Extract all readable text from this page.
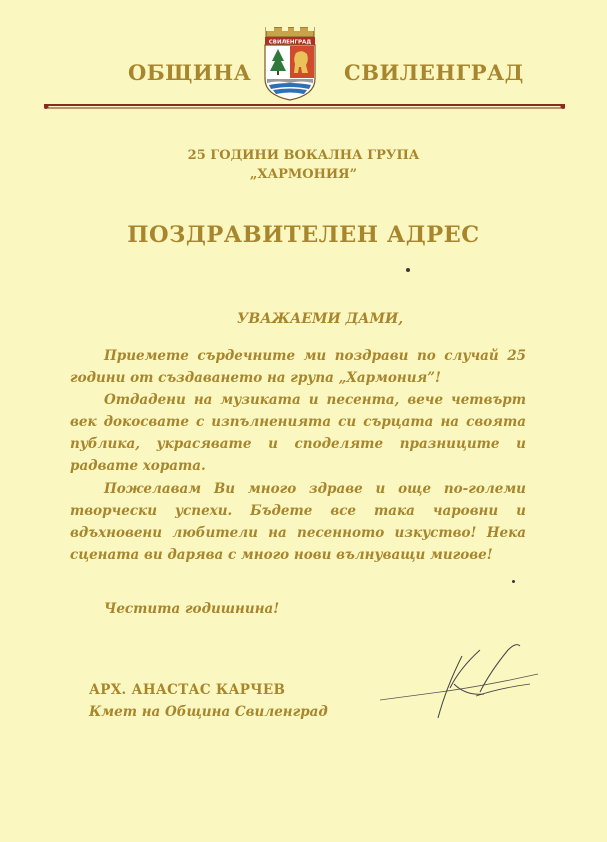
ОБЩИНА
СВИЛЕНГРАД
СВИЛЕНГРАД
25 ГОДИНИ ВОКАЛНА ГРУПА
„ХАРМОНИЯ”
ПОЗДРАВИТЕЛЕН АДРЕС
УВАЖАЕМИ ДАМИ,

Приемете сърдечните ми поздрави по случай 25 години от създаването на група „Хармония”!

Отдадени на музиката и песента, вече четвърт век докосвате с изпълненията си сърцата на своята публика, украсявате и споделяте празниците и радвате хората.

Пожелавам Ви много здраве и още по-големи творчески успехи. Бъдете все така чаровни и вдъхновени любители на песенното изкуство! Нека сцената ви дарява с много нови вълнуващи мигове!

Честита годишнина!
АРХ. АНАСТАС КАРЧЕВ
Кмет на Община Свиленград
